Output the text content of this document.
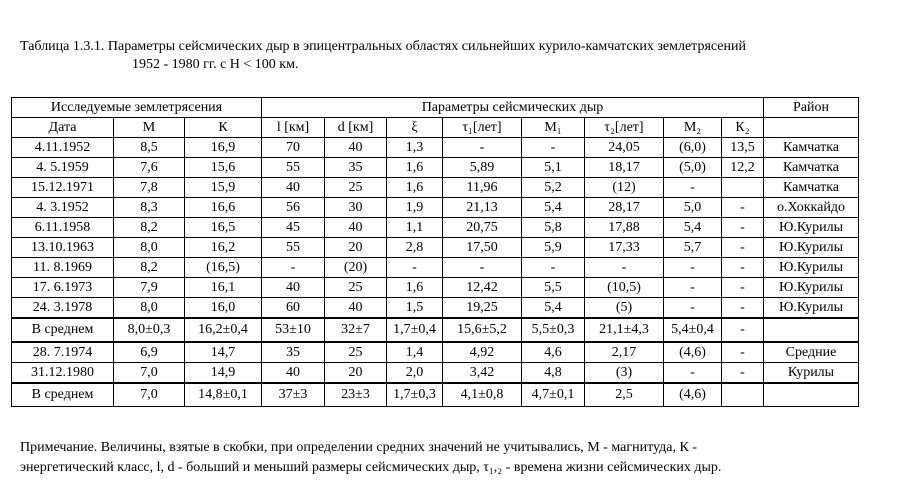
Таблица 1.3.1. Параметры сейсмических дыр в эпицентральных областях сильнейших курило-камчатских землетрясений
1952 - 1980 гг. с H < 100 км.
Исследуемые землетрясения			Параметры сейсмических дыр								Район
Дата	М	К	l [км]	d [км]	ξ	τ₁[лет]	М₁	τ₂[лет]	М₂	К₂	
4.11.1952	8,5	16,9	70	40	1,3	-	-	24,05	(6,0)	13,5	Камчатка
4. 5.1959	7,6	15,6	55	35	1,6	5,89	5,1	18,17	(5,0)	12,2	Камчатка
15.12.1971	7,8	15,9	40	25	1,6	11,96	5,2	(12)	-		Камчатка
4. 3.1952	8,3	16,6	56	30	1,9	21,13	5,4	28,17	5,0	-	о.Хоккайдо
6.11.1958	8,2	16,5	45	40	1,1	20,75	5,8	17,88	5,4	-	Ю.Курилы
13.10.1963	8,0	16,2	55	20	2,8	17,50	5,9	17,33	5,7	-	Ю.Курилы
11. 8.1969	8,2	(16,5)	-	(20)	-	-	-	-	-	-	Ю.Курилы
17. 6.1973	7,9	16,1	40	25	1,6	12,42	5,5	(10,5)	-	-	Ю.Курилы
24. 3.1978	8,0	16,0	60	40	1,5	19,25	5,4	(5)	-	-	Ю.Курилы
В среднем	8,0±0,3	16,2±0,4	53±10	32±7	1,7±0,4	15,6±5,2	5,5±0,3	21,1±4,3	5,4±0,4	-	
28. 7.1974	6,9	14,7	35	25	1,4	4,92	4,6	2,17	(4,6)	-	Средние
31.12.1980	7,0	14,9	40	20	2,0	3,42	4,8	(3)	-	-	Курилы
В среднем	7,0	14,8±0,1	37±3	23±3	1,7±0,3	4,1±0,8	4,7±0,1	2,5	(4,6)		
Примечание. Величины, взятые в скобки, при определении средних значений не учитывались, М - магнитуда, К -
энергетический класс, l, d - больший и меньший размеры сейсмических дыр, τ₁,₂ - времена жизни сейсмических дыр.
